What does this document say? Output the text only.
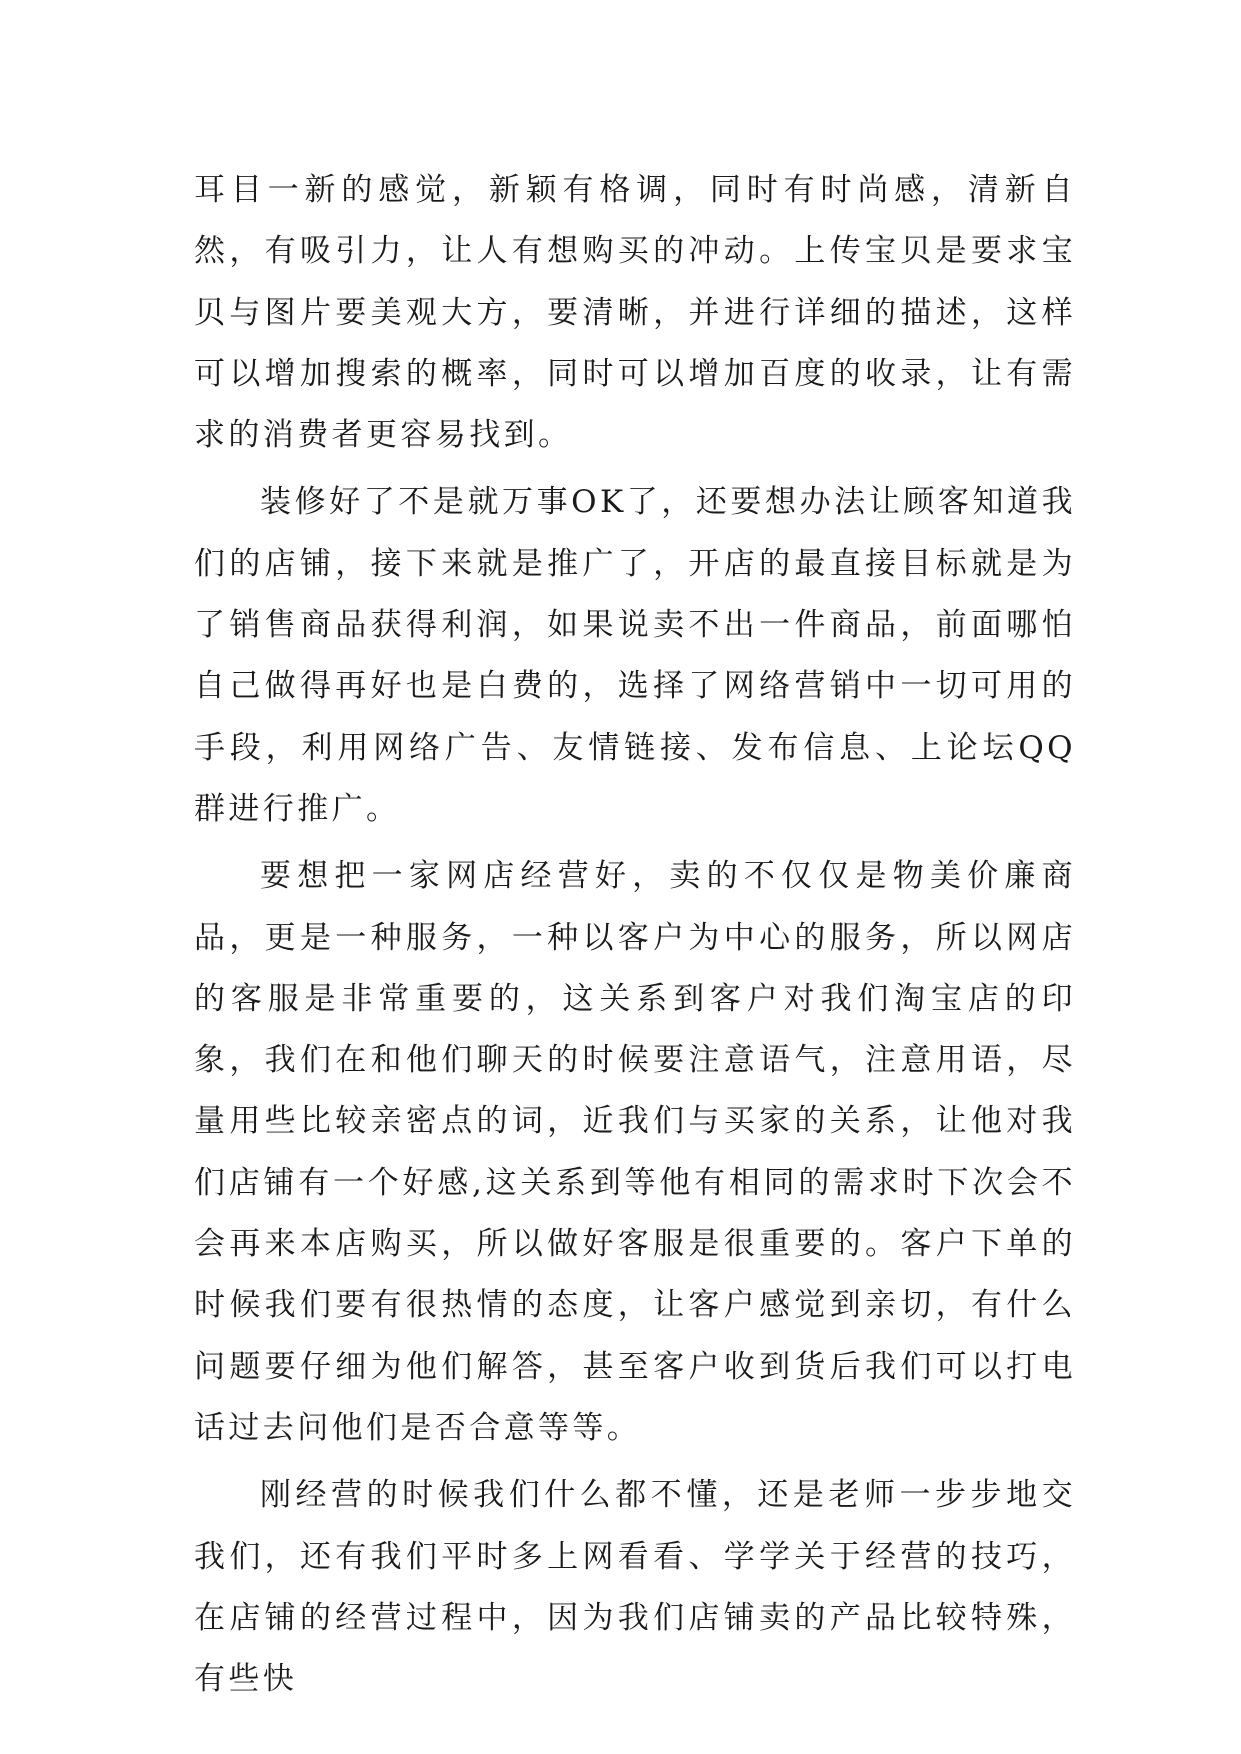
耳目一新的感觉，新颖有格调，同时有时尚感，清新自然，有吸引力，让人有想购买的冲动。上传宝贝是要求宝贝与图片要美观大方，要清晰，并进行详细的描述，这样可以增加搜索的概率，同时可以增加百度的收录，让有需求的消费者更容易找到。

装修好了不是就万事OK了，还要想办法让顾客知道我们的店铺，接下来就是推广了，开店的最直接目标就是为了销售商品获得利润，如果说卖不出一件商品，前面哪怕自己做得再好也是白费的，选择了网络营销中一切可用的手段，利用网络广告、友情链接、发布信息、上论坛QQ群进行推广。

要想把一家网店经营好，卖的不仅仅是物美价廉商品，更是一种服务，一种以客户为中心的服务，所以网店的客服是非常重要的，这关系到客户对我们淘宝店的印象，我们在和他们聊天的时候要注意语气，注意用语，尽量用些比较亲密点的词，近我们与买家的关系，让他对我们店铺有一个好感,这关系到等他有相同的需求时下次会不会再来本店购买，所以做好客服是很重要的。客户下单的时候我们要有很热情的态度，让客户感觉到亲切，有什么问题要仔细为他们解答，甚至客户收到货后我们可以打电话过去问他们是否合意等等。

刚经营的时候我们什么都不懂，还是老师一步步地交我们，还有我们平时多上网看看、学学关于经营的技巧，在店铺的经营过程中，因为我们店铺卖的产品比较特殊，有些快
